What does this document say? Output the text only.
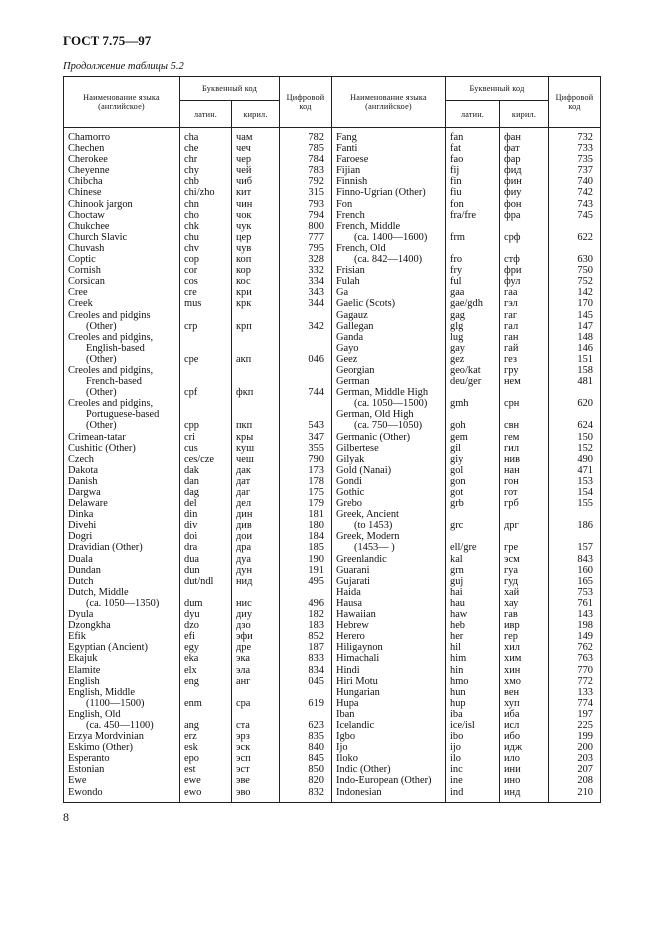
ГОСТ 7.75—97
Продолжение таблицы 5.2
Наименование языка (английское)	Буквенный код		Цифровой код	Наименование языка (английское)	Буквенный код		Цифровой код
	латин.	кирил.			латин.	кирил.	
Chamorro	cha	чам	782	Fang	fan	фан	732
Chechen	che	чеч	785	Fanti	fat	фат	733
Cherokee	chr	чер	784	Faroese	fao	фар	735
Cheyenne	chy	чей	783	Fijian	fij	фид	737
Chibcha	chb	чиб	792	Finnish	fin	фин	740
Chinese	chi/zho	кит	315	Finno-Ugrian (Other)	fiu	фиу	742
Chinook jargon	chn	чин	793	Fon	fon	фон	743
Choctaw	cho	чок	794	French	fra/fre	фра	745
Chukchee	chk	чук	800	French, Middle			
Church Slavic	chu	цер	777	(ca. 1400—1600)	frm	срф	622
Chuvash	chv	чув	795	French, Old			
Coptic	cop	коп	328	(ca. 842—1400)	fro	стф	630
Cornish	cor	кор	332	Frisian	fry	фри	750
Corsican	cos	кос	334	Fulah	ful	фул	752
Cree	cre	кри	343	Ga	gaa	гаа	142
Creek	mus	крк	344	Gaelic (Scots)	gae/gdh	гэл	170
Creoles and pidgins				Gagauz	gag	гаг	145
(Other)	crp	крп	342	Gallegan	glg	гал	147
Creoles and pidgins,				Ganda	lug	ган	148
English-based				Gayo	gay	гай	146
(Other)	cpe	акп	046	Geez	gez	гез	151
Creoles and pidgins,				Georgian	geo/kat	гру	158
French-based				German	deu/ger	нем	481
(Other)	cpf	фкп	744	German, Middle High			
Creoles and pidgins,				(ca. 1050—1500)	gmh	срн	620
Portuguese-based				German, Old High			
(Other)	cpp	пкп	543	(ca. 750—1050)	goh	свн	624
Crimean-tatar	cri	кры	347	Germanic (Other)	gem	гем	150
Cushitic (Other)	cus	куш	355	Gilbertese	gil	гил	152
Czech	ces/cze	чеш	790	Gilyak	giy	нив	490
Dakota	dak	дак	173	Gold (Nanai)	gol	нан	471
Danish	dan	дат	178	Gondi	gon	гон	153
Dargwa	dag	даг	175	Gothic	got	гот	154
Delaware	del	дел	179	Grebo	grb	грб	155
Dinka	din	дин	181	Greek, Ancient			
Divehi	div	див	180	(to 1453)	grc	дрг	186
Dogri	doi	дои	184	Greek, Modern			
Dravidian (Other)	dra	дра	185	(1453— )	ell/gre	гре	157
Duala	dua	дуа	190	Greenlandic	kal	эсм	843
Dundan	dun	дун	191	Guarani	grn	гуа	160
Dutch	dut/ndl	нид	495	Gujarati	guj	гуд	165
Dutch, Middle				Haida	hai	хай	753
(ca. 1050—1350)	dum	нис	496	Hausa	hau	хау	761
Dyula	dyu	диу	182	Hawaiian	haw	гав	143
Dzongkha	dzo	дзо	183	Hebrew	heb	ивр	198
Efik	efi	эфи	852	Herero	her	гер	149
Egyptian (Ancient)	egy	дре	187	Hiligaynon	hil	хил	762
Ekajuk	eka	эка	833	Himachali	him	хим	763
Elamite	elx	эла	834	Hindi	hin	хин	770
English	eng	анг	045	Hiri Motu	hmo	хмо	772
English, Middle				Hungarian	hun	вен	133
(1100—1500)	enm	сра	619	Hupa	hup	хуп	774
English, Old				Iban	iba	иба	197
(ca. 450—1100)	ang	ста	623	Icelandic	ice/isl	исл	225
Erzya Mordvinian	erz	эрз	835	Igbo	ibo	ибо	199
Eskimo (Other)	esk	эск	840	Ijo	ijo	идж	200
Esperanto	epo	эсп	845	Iloko	ilo	ило	203
Estonian	est	эст	850	Indic (Other)	inc	ини	207
Ewe	ewe	эве	820	Indo-European (Other)	ine	ино	208
Ewondo	ewo	эво	832	Indonesian	ind	инд	210
8
